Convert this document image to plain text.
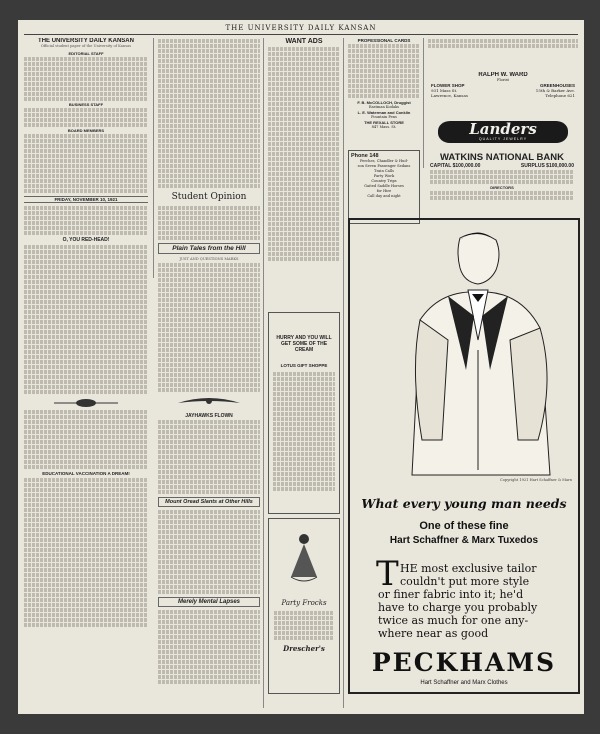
THE UNIVERSITY DAILY KANSAN
THE UNIVERSITY DAILY KANSAN
Official student paper of the University of Kansas
EDITORIAL STAFF
BUSINESS STAFF
BOARD MEMBERS
FRIDAY, NOVEMBER 10, 1921
O, YOU RED-HEAD!
EDUCATIONAL VACCINATION A DREAM!
Student Opinion
Plain Tales from the Hill
JUST AND QUESTIONS MARKS
JAYHAWKS FLOWN
Mount Oread Slants at Other Hills
Merely Mental Lapses
WANT ADS
HURRY AND YOU WILL GET SOME OF THE CREAM
LOTUS GIFT SHOPPE
Party Frocks
Drescher's
PROFESSIONAL CARDS
F. B. McCOLLOCH, Druggist
Eastman Kodaks
L. E. Waterman and Conklin
Fountain Pens
THE REXALL STORE
847 Mass. St.
Phone 148
Perches, Chandler & Hud-
son Seven Passenger Sedans
Train Calls
Party Work
Country Trips
Gaited Saddle Horses
for Hire
Call day and night
RALPH W. WARD
Florist
FLOWER SHOP	GREENHOUSES
931 Mass St.	15th & Barker Ave.
Lawrence, Kansas	Telephone 621
Landers
QUALITY JEWELRY
WATKINS NATIONAL BANK
CAPITAL $100,000.00	SURPLUS $100,000.00
DIRECTORS
Copyright 1921 Hart Schaffner & Marx
What every young man needs
One of these fine
Hart Schaffner & Marx Tuxedos
T HE most exclusive tailor
couldn't put more style
or finer fabric into it; he'd
have to charge you probably
twice as much for one any-
where near as good
PECKHAMS
Hart Schaffner and Marx Clothes
